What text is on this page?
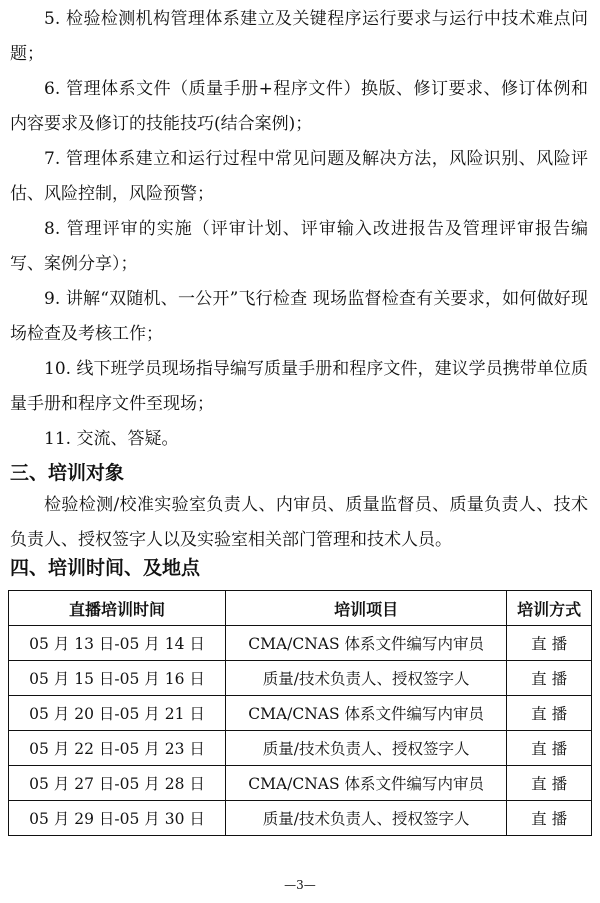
5. 检验检测机构管理体系建立及关键程序运行要求与运行中技术难点问题；

6. 管理体系文件（质量手册+程序文件）换版、修订要求、修订体例和内容要求及修订的技能技巧(结合案例)；

7. 管理体系建立和运行过程中常见问题及解决方法，风险识别、风险评估、风险控制，风险预警；

8. 管理评审的实施（评审计划、评审输入改进报告及管理评审报告编写、案例分享）；

9. 讲解“双随机、一公开”飞行检查 现场监督检查有关要求，如何做好现场检查及考核工作；

10. 线下班学员现场指导编写质量手册和程序文件，建议学员携带单位质量手册和程序文件至现场；

11. 交流、答疑。

三、培训对象

检验检测/校准实验室负责人、内审员、质量监督员、质量负责人、技术负责人、授权签字人以及实验室相关部门管理和技术人员。

四、培训时间、及地点
直播培训时间	培训项目	培训方式
05 月 13 日-05 月 14 日	CMA/CNAS 体系文件编写内审员	直 播
05 月 15 日-05 月 16 日	质量/技术负责人、授权签字人	直 播
05 月 20 日-05 月 21 日	CMA/CNAS 体系文件编写内审员	直 播
05 月 22 日-05 月 23 日	质量/技术负责人、授权签字人	直 播
05 月 27 日-05 月 28 日	CMA/CNAS 体系文件编写内审员	直 播
05 月 29 日-05 月 30 日	质量/技术负责人、授权签字人	直 播
—3—
